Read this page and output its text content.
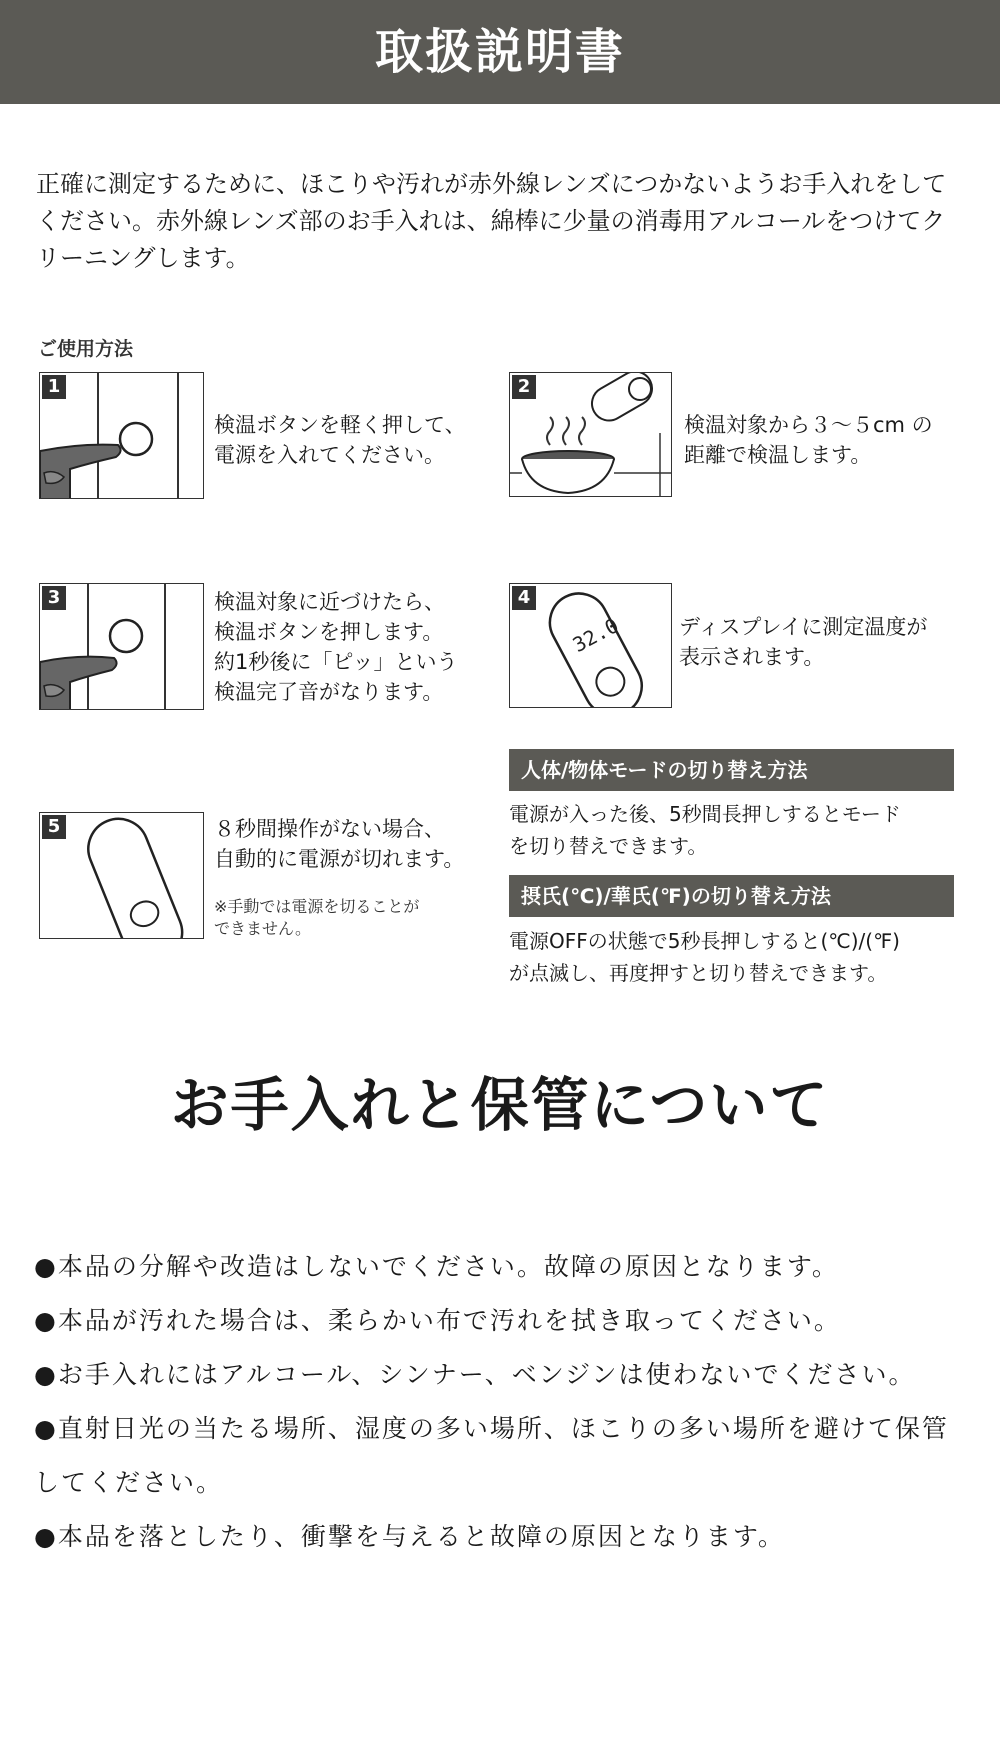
取扱説明書
正確に測定するために、ほこりや汚れが赤外線レンズにつかないようお手入れをしてください。赤外線レンズ部のお手入れは、綿棒に少量の消毒用アルコールをつけてクリーニングします。
ご使用方法
1
検温ボタンを軽く押して、
電源を入れてください。
2
検温対象から３～５cm の
距離で検温します。
3	検温対象に近づけたら、
検温ボタンを押します。
約1秒後に「ピッ」という
検温完了音がなります。
32.0
4
ディスプレイに測定温度が
表示されます。
5	８秒間操作がない場合、
自動的に電源が切れます。
※手動では電源を切ることが
できません。
人体/物体モードの切り替え方法
電源が入った後、5秒間長押しするとモード
を切り替えできます。
摂氏(℃)/華氏(℉)の切り替え方法
電源OFFの状態で5秒長押しすると(℃)/(℉)
が点滅し、再度押すと切り替えできます。
お手入れと保管について
●本品の分解や改造はしないでください。故障の原因となります。
●本品が汚れた場合は、柔らかい布で汚れを拭き取ってください。
●お手入れにはアルコール、シンナー、ベンジンは使わないでください。
●直射日光の当たる場所、湿度の多い場所、ほこりの多い場所を避けて保管してください。
●本品を落としたり、衝撃を与えると故障の原因となります。
